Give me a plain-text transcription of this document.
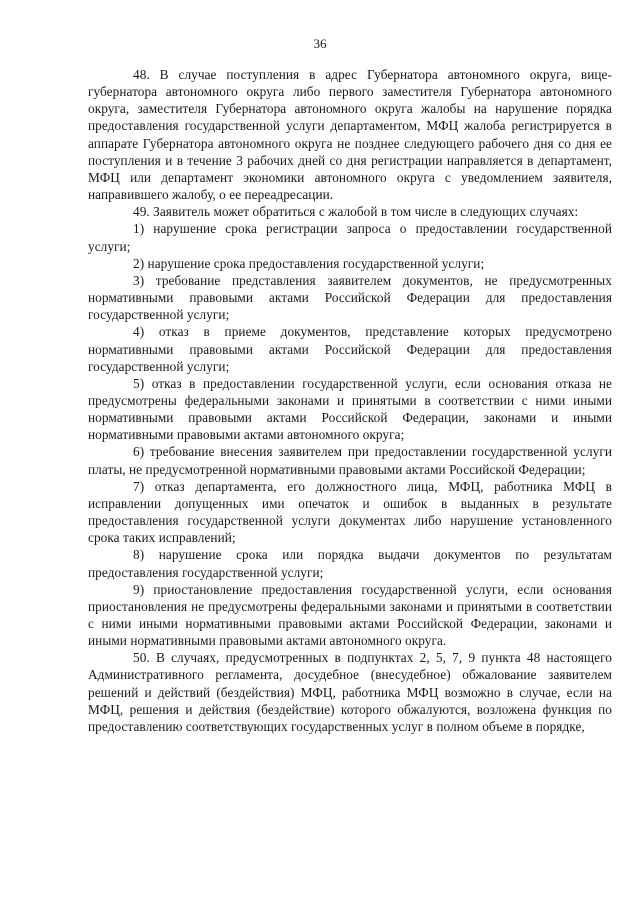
36

48. В случае поступления в адрес Губернатора автономного округа, вице-губернатора автономного округа либо первого заместителя Губернатора автономного округа, заместителя Губернатора автономного округа жалобы на нарушение порядка предоставления государственной услуги департаментом, МФЦ жалоба регистрируется в аппарате Губернатора автономного округа не позднее следующего рабочего дня со дня ее поступления и в течение 3 рабочих дней со дня регистрации направляется в департамент, МФЦ или департамент экономики автономного округа с уведомлением заявителя, направившего жалобу, о ее переадресации.

49. Заявитель может обратиться с жалобой в том числе в следующих случаях:

1) нарушение срока регистрации запроса о предоставлении государственной услуги;

2) нарушение срока предоставления государственной услуги;

3) требование представления заявителем документов, не предусмотренных нормативными правовыми актами Российской Федерации для предоставления государственной услуги;

4) отказ в приеме документов, представление которых предусмотрено нормативными правовыми актами Российской Федерации для предоставления государственной услуги;

5) отказ в предоставлении государственной услуги, если основания отказа не предусмотрены федеральными законами и принятыми в соответствии с ними иными нормативными правовыми актами Российской Федерации, законами и иными нормативными правовыми актами автономного округа;

6) требование внесения заявителем при предоставлении государственной услуги платы, не предусмотренной нормативными правовыми актами Российской Федерации;

7) отказ департамента, его должностного лица, МФЦ, работника МФЦ в исправлении допущенных ими опечаток и ошибок в выданных в результате предоставления государственной услуги документах либо нарушение установленного срока таких исправлений;

8) нарушение срока или порядка выдачи документов по результатам предоставления государственной услуги;

9) приостановление предоставления государственной услуги, если основания приостановления не предусмотрены федеральными законами и принятыми в соответствии с ними иными нормативными правовыми актами Российской Федерации, законами и иными нормативными правовыми актами автономного округа.

50. В случаях, предусмотренных в подпунктах 2, 5, 7, 9 пункта 48 настоящего Административного регламента, досудебное (внесудебное) обжалование заявителем решений и действий (бездействия) МФЦ, работника МФЦ возможно в случае, если на МФЦ, решения и действия (бездействие) которого обжалуются, возложена функция по предоставлению соответствующих государственных услуг в полном объеме в порядке,
